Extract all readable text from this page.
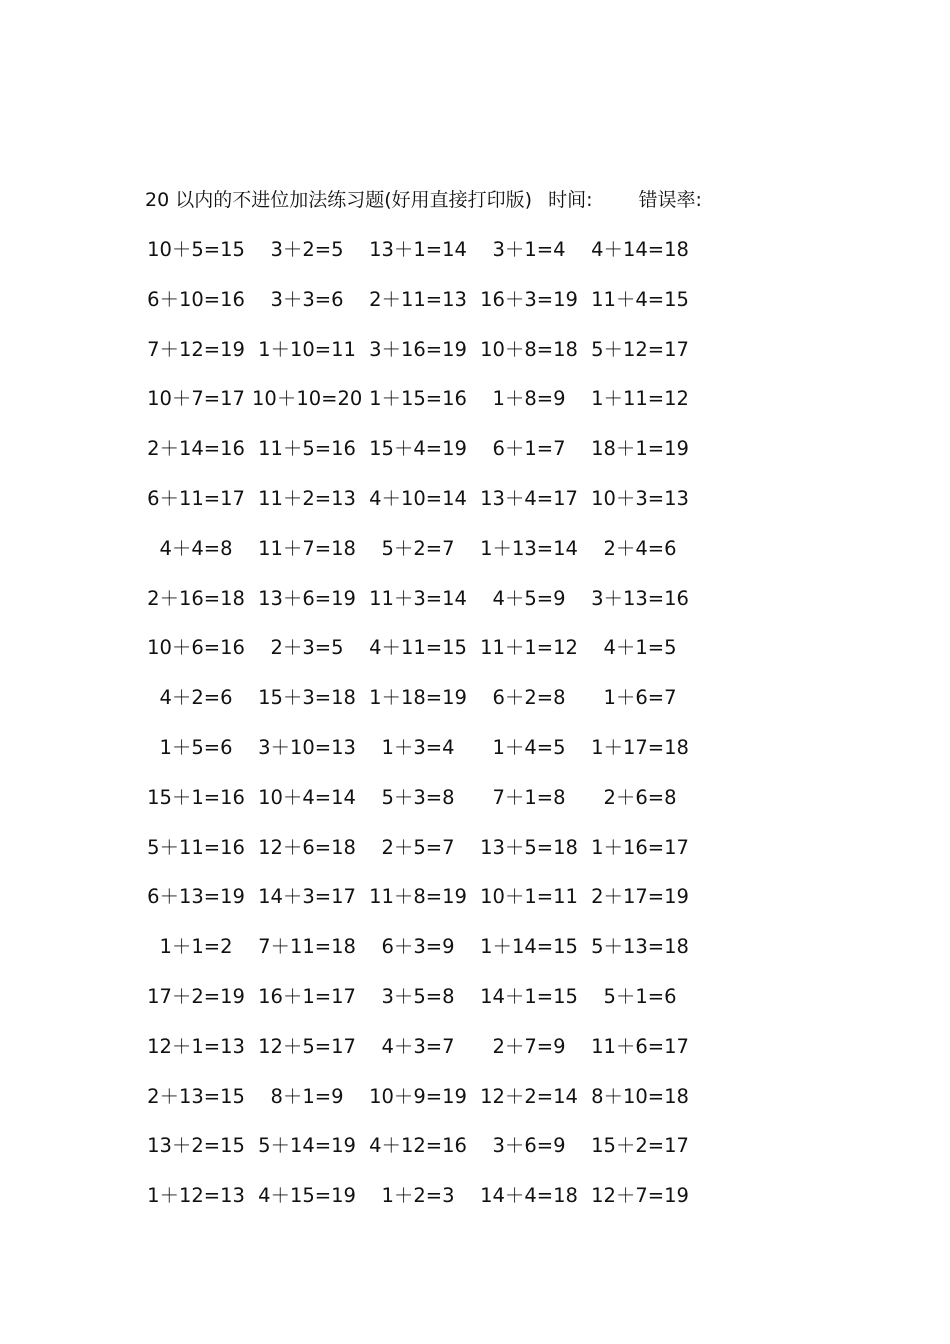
20 以内的不进位加法练习题(好用直接打印版) 时间: 错误率:
10＋5=15	3＋2=5	13＋1=14	3＋1=4	4＋14=18
6＋10=16	3＋3=6	2＋11=13 16＋3=19 11＋4=15
7＋12=19 1＋10=11 3＋16=19 10＋8=18 5＋12=17
10＋7=17 10＋10=20 1＋15=16	1＋8=9	1＋11=12
2＋14=16 11＋5=16 15＋4=19	6＋1=7	18＋1=19
6＋11=17 11＋2=13 4＋10=14 13＋4=17 10＋3=13
4＋4=8	11＋7=18	5＋2=7	1＋13=14	2＋4=6
2＋16=18 13＋6=19 11＋3=14	4＋5=9	3＋13=16
10＋6=16	2＋3=5	4＋11=15 11＋1=12	4＋1=5
4＋2=6	15＋3=18 1＋18=19	6＋2=8	1＋6=7
1＋5=6	3＋10=13	1＋3=4	1＋4=5	1＋17=18
15＋1=16 10＋4=14	5＋3=8	7＋1=8	2＋6=8
5＋11=16 12＋6=18	2＋5=7	13＋5=18 1＋16=17
6＋13=19 14＋3=17 11＋8=19 10＋1=11 2＋17=19
1＋1=2	7＋11=18	6＋3=9	1＋14=15 5＋13=18
17＋2=19 16＋1=17	3＋5=8	14＋1=15	5＋1=6
12＋1=13 12＋5=17	4＋3=7	2＋7=9	11＋6=17
2＋13=15	8＋1=9	10＋9=19 12＋2=14 8＋10=18
13＋2=15 5＋14=19 4＋12=16	3＋6=9	15＋2=17
1＋12=13 4＋15=19	1＋2=3	14＋4=18 12＋7=19
